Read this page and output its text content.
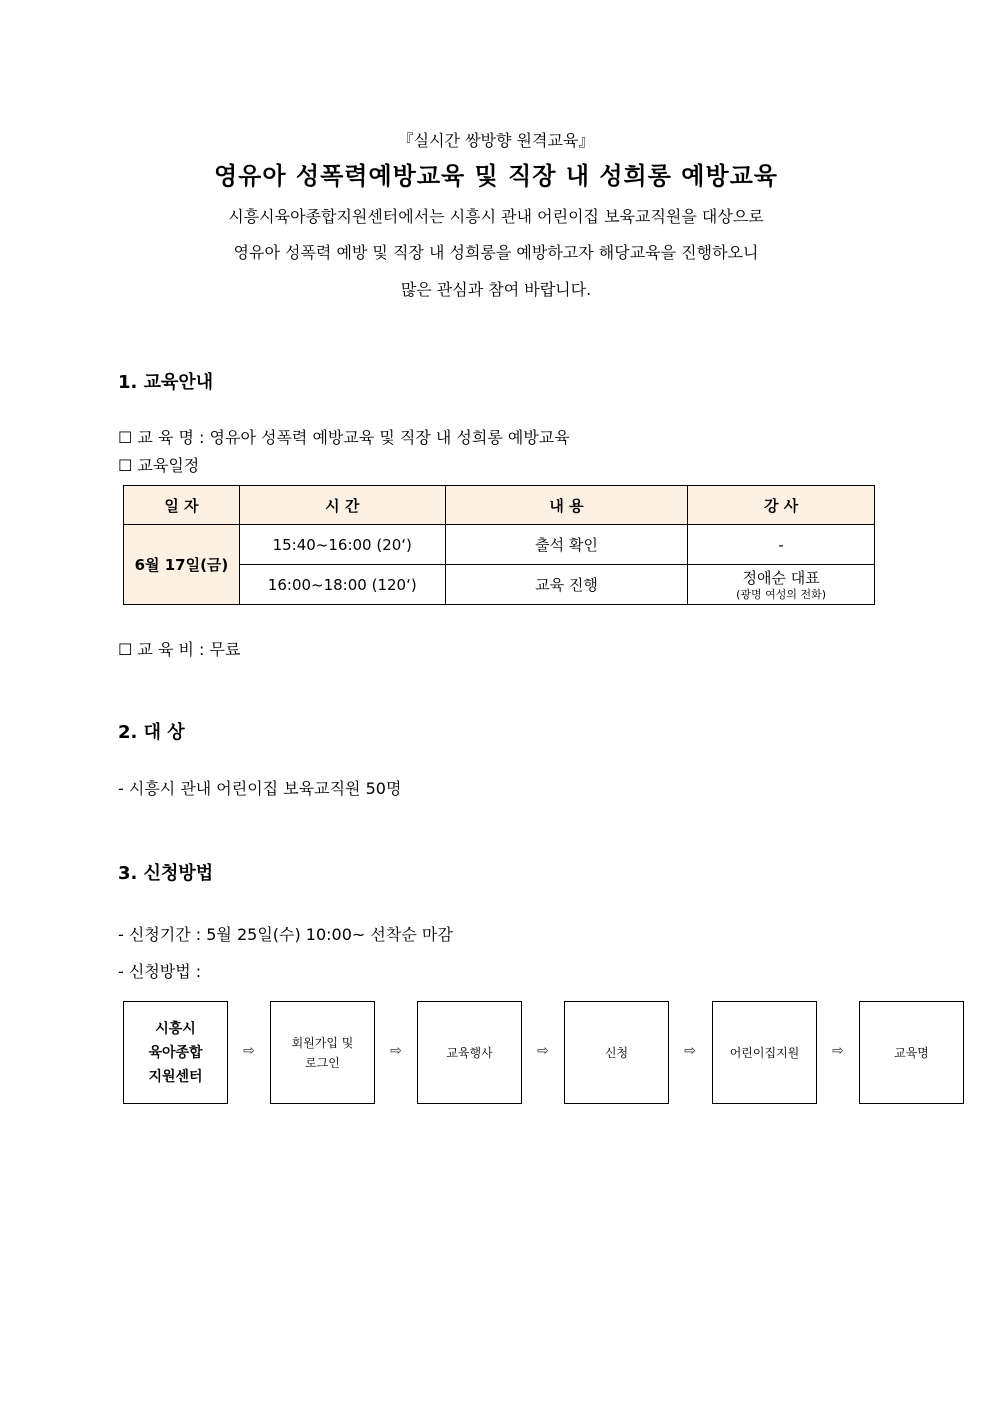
『실시간 쌍방향 원격교육』
영유아 성폭력예방교육 및 직장 내 성희롱 예방교육
시흥시육아종합지원센터에서는 시흥시 관내 어린이집 보육교직원을 대상으로
영유아 성폭력 예방 및 직장 내 성희롱을 예방하고자 해당교육을 진행하오니
많은 관심과 참여 바랍니다.
1. 교육안내
☐ 교 육 명 : 영유아 성폭력 예방교육 및 직장 내 성희롱 예방교육
☐ 교육일정
일 자	시 간	내 용	강 사
6월 17일(금)	15:40~16:00 (20‘)	출석 확인	-
	16:00~18:00 (120‘)	교육 진행	정애순 대표
(광명 여성의 전화)
☐ 교 육 비 : 무료
2. 대 상
- 시흥시 관내 어린이집 보육교직원 50명
3. 신청방법
- 신청기간 : 5월 25일(수) 10:00~ 선착순 마감
- 신청방법 :
시흥시
육아종합
지원센터
⇨
회원가입 및
로그인
⇨	교육행사	⇨	신청	⇨	어린이집지원	⇨	교육명
